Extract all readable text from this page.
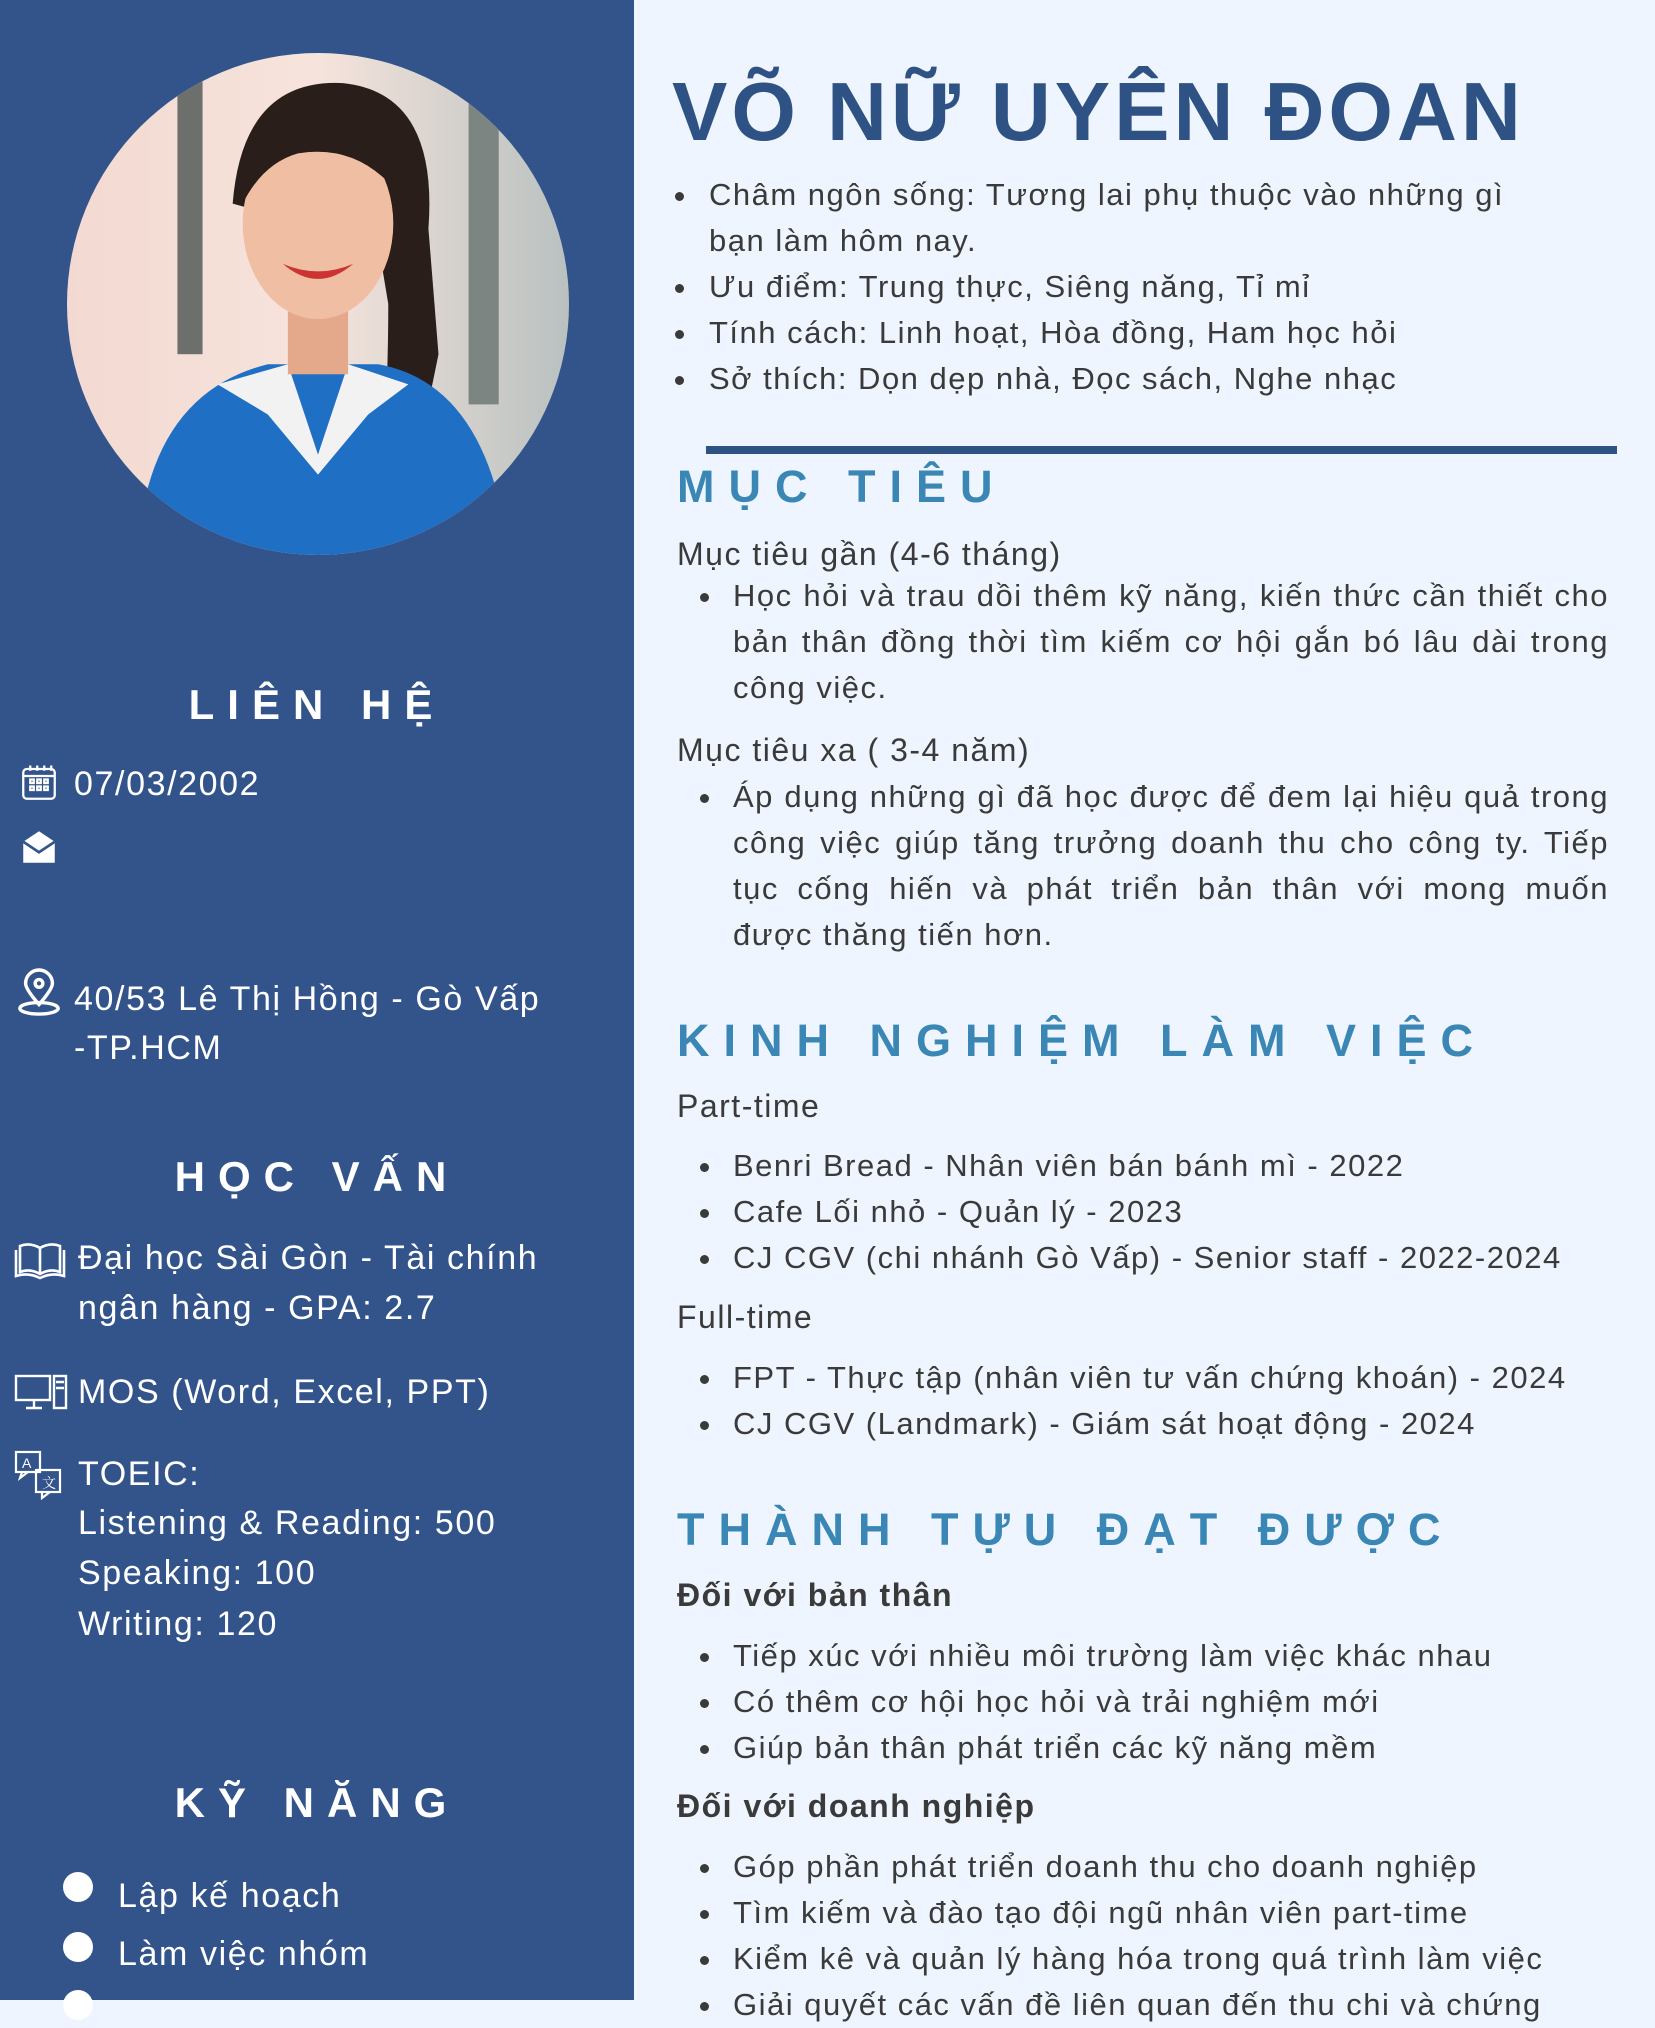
LIÊN HỆ
07/03/2002
40/53 Lê Thị Hồng - Gò Vấp
-TP.HCM
HỌC VẤN
Đại học Sài Gòn - Tài chính
ngân hàng - GPA: 2.7
MOS (Word, Excel, PPT)
A
文 TOEIC:
Listening & Reading: 500
Speaking: 100
Writing: 120
KỸ NĂNG
Lập kế hoạch
Làm việc nhóm
VÕ NỮ UYÊN ĐOAN
Châm ngôn sống: Tương lai phụ thuộc vào những gì
bạn làm hôm nay.
Ưu điểm: Trung thực, Siêng năng, Tỉ mỉ
Tính cách: Linh hoạt, Hòa đồng, Ham học hỏi
Sở thích: Dọn dẹp nhà, Đọc sách, Nghe nhạc
MỤC TIÊU
Mục tiêu gần (4-6 tháng)
Học hỏi và trau dồi thêm kỹ năng, kiến thức cần thiết cho bản thân đồng thời tìm kiếm cơ hội gắn bó lâu dài trong công việc.
Mục tiêu xa ( 3-4 năm)
Áp dụng những gì đã học được để đem lại hiệu quả trong công việc giúp tăng trưởng doanh thu cho công ty. Tiếp tục cống hiến và phát triển bản thân với mong muốn được thăng tiến hơn.
KINH NGHIỆM LÀM VIỆC
Part-time
Benri Bread - Nhân viên bán bánh mì - 2022
Cafe Lối nhỏ - Quản lý - 2023
CJ CGV (chi nhánh Gò Vấp) - Senior staff - 2022-2024
Full-time
FPT - Thực tập (nhân viên tư vấn chứng khoán) - 2024
CJ CGV (Landmark) - Giám sát hoạt động - 2024
THÀNH TỰU ĐẠT ĐƯỢC
Đối với bản thân
Tiếp xúc với nhiều môi trường làm việc khác nhau
Có thêm cơ hội học hỏi và trải nghiệm mới
Giúp bản thân phát triển các kỹ năng mềm
Đối với doanh nghiệp
Góp phần phát triển doanh thu cho doanh nghiệp
Tìm kiếm và đào tạo đội ngũ nhân viên part-time
Kiểm kê và quản lý hàng hóa trong quá trình làm việc
Giải quyết các vấn đề liên quan đến thu chi và chứng
